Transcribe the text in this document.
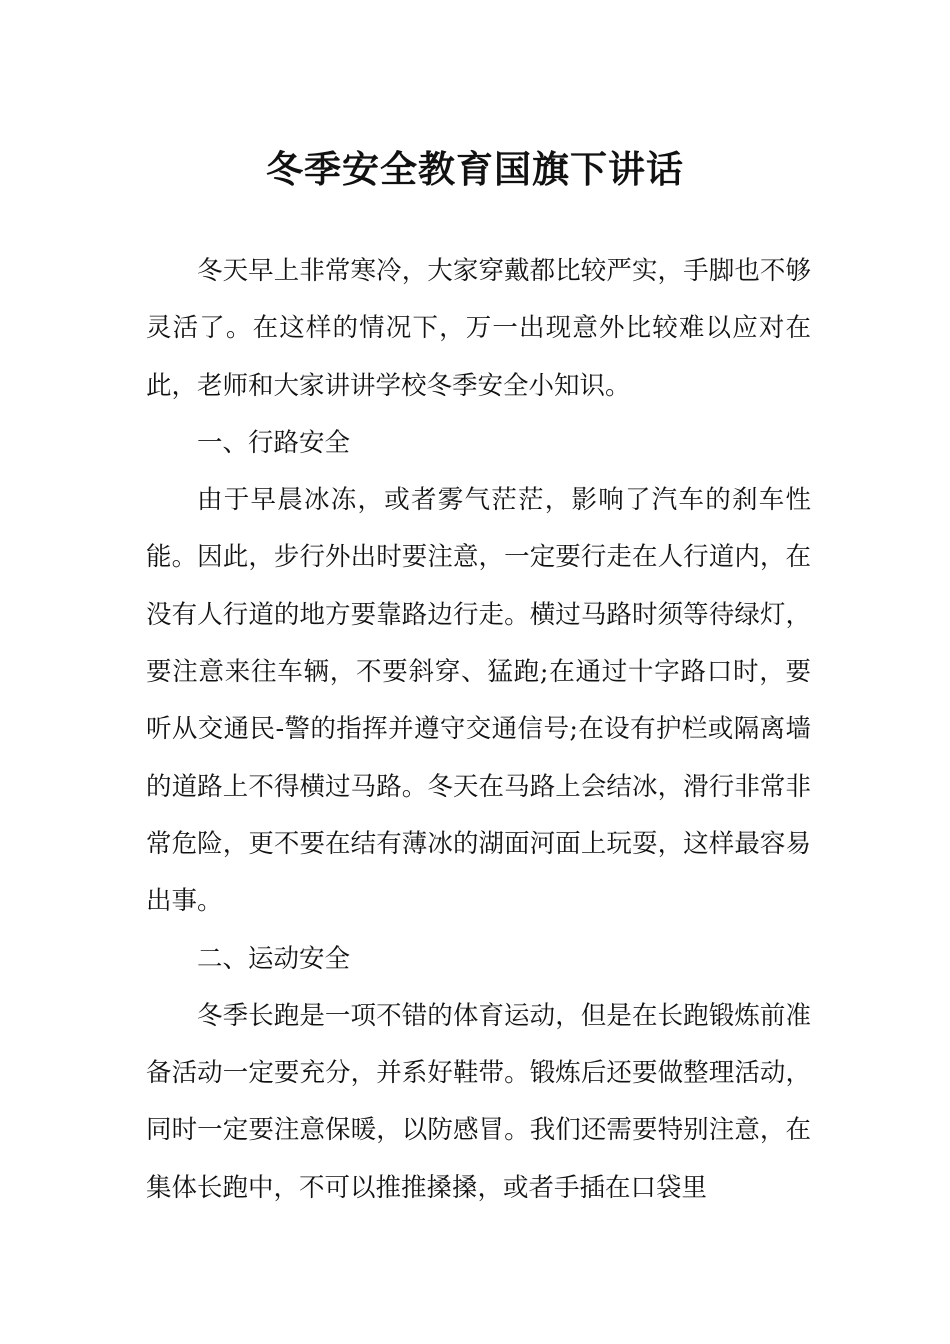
冬季安全教育国旗下讲话

冬天早上非常寒冷，大家穿戴都比较严实，手脚也不够灵活了。在这样的情况下，万一出现意外比较难以应对在此，老师和大家讲讲学校冬季安全小知识。

一、行路安全

由于早晨冰冻，或者雾气茫茫，影响了汽车的刹车性能。因此，步行外出时要注意，一定要行走在人行道内，在没有人行道的地方要靠路边行走。横过马路时须等待绿灯，要注意来往车辆，不要斜穿、猛跑;在通过十字路口时，要听从交通民-警的指挥并遵守交通信号;在设有护栏或隔离墙的道路上不得横过马路。冬天在马路上会结冰，滑行非常非常危险，更不要在结有薄冰的湖面河面上玩耍，这样最容易出事。

二、运动安全

冬季长跑是一项不错的体育运动，但是在长跑锻炼前准备活动一定要充分，并系好鞋带。锻炼后还要做整理活动，同时一定要注意保暖，以防感冒。我们还需要特别注意，在集体长跑中，不可以推推搡搡，或者手插在口袋里
